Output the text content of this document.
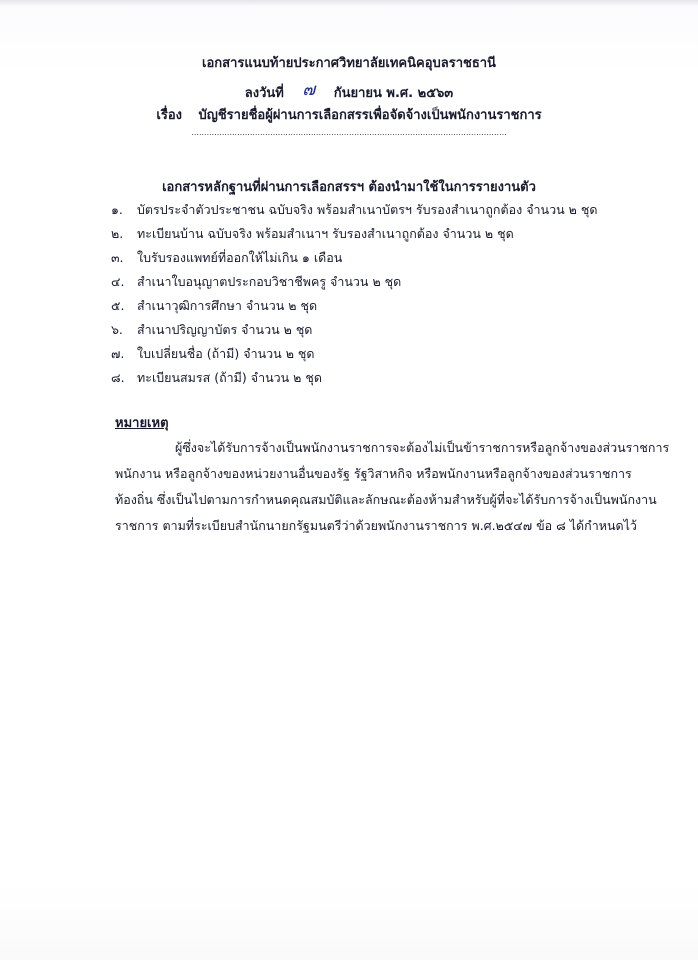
เอกสารแนบท้ายประกาศวิทยาลัยเทคนิคอุบลราชธานี
ลงวันที่ ๗ กันยายน พ.ศ. ๒๕๖๓
เรื่อง บัญชีรายชื่อผู้ผ่านการเลือกสรรเพื่อจัดจ้างเป็นพนักงานราชการ
............................................................................................................................
เอกสารหลักฐานที่ผ่านการเลือกสรรฯ ต้องนำมาใช้ในการรายงานตัว
๑. บัตรประจำตัวประชาชน ฉบับจริง พร้อมสำเนาบัตรฯ รับรองสำเนาถูกต้อง จำนวน ๒ ชุด
๒. ทะเบียนบ้าน ฉบับจริง พร้อมสำเนาฯ รับรองสำเนาถูกต้อง จำนวน ๒ ชุด
๓. ใบรับรองแพทย์ที่ออกให้ไม่เกิน ๑ เดือน
๔. สำเนาใบอนุญาตประกอบวิชาชีพครู จำนวน ๒ ชุด
๕. สำเนาวุฒิการศึกษา จำนวน ๒ ชุด
๖. สำเนาปริญญาบัตร จำนวน ๒ ชุด
๗. ใบเปลี่ยนชื่อ (ถ้ามี) จำนวน ๒ ชุด
๘. ทะเบียนสมรส (ถ้ามี) จำนวน ๒ ชุด
หมายเหตุ
ผู้ซึ่งจะได้รับการจ้างเป็นพนักงานราชการจะต้องไม่เป็นข้าราชการหรือลูกจ้างของส่วนราชการ
พนักงาน หรือลูกจ้างของหน่วยงานอื่นของรัฐ รัฐวิสาหกิจ หรือพนักงานหรือลูกจ้างของส่วนราชการ
ท้องถิ่น ซึ่งเป็นไปตามการกำหนดคุณสมบัติและลักษณะต้องห้ามสำหรับผู้ที่จะได้รับการจ้างเป็นพนักงาน
ราชการ ตามที่ระเบียบสำนักนายกรัฐมนตรีว่าด้วยพนักงานราชการ พ.ศ.๒๕๔๗ ข้อ ๘ ได้กำหนดไว้
